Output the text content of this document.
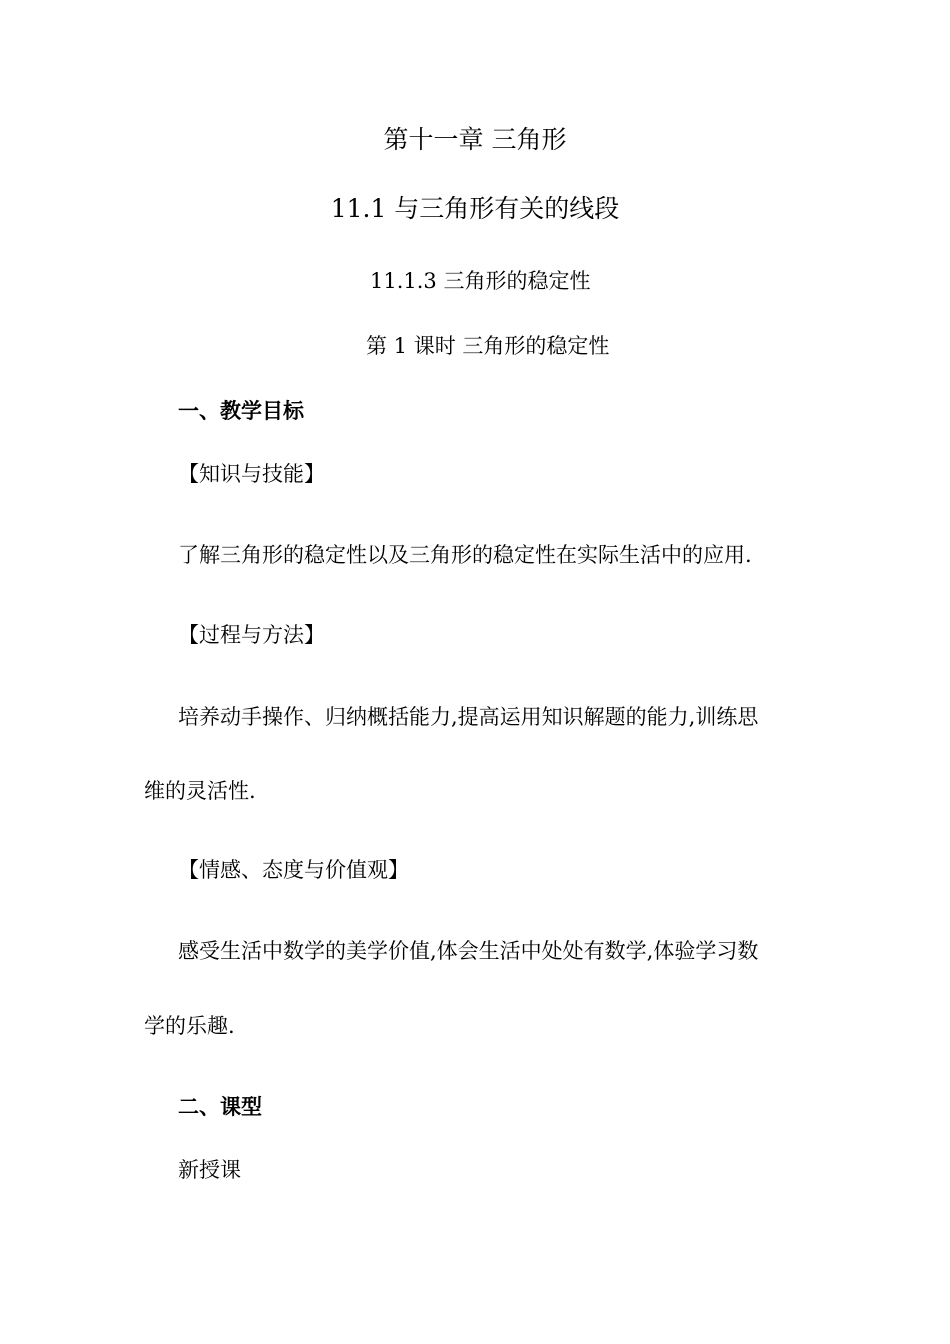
第十一章 三角形
11.1 与三角形有关的线段
11.1.3 三角形的稳定性
第 1 课时 三角形的稳定性
一、教学目标
【知识与技能】
了解三角形的稳定性以及三角形的稳定性在实际生活中的应用.
【过程与方法】
培养动手操作、归纳概括能力,提高运用知识解题的能力,训练思
维的灵活性.
【情感、态度与价值观】
感受生活中数学的美学价值,体会生活中处处有数学,体验学习数
学的乐趣.
二、课型
新授课
